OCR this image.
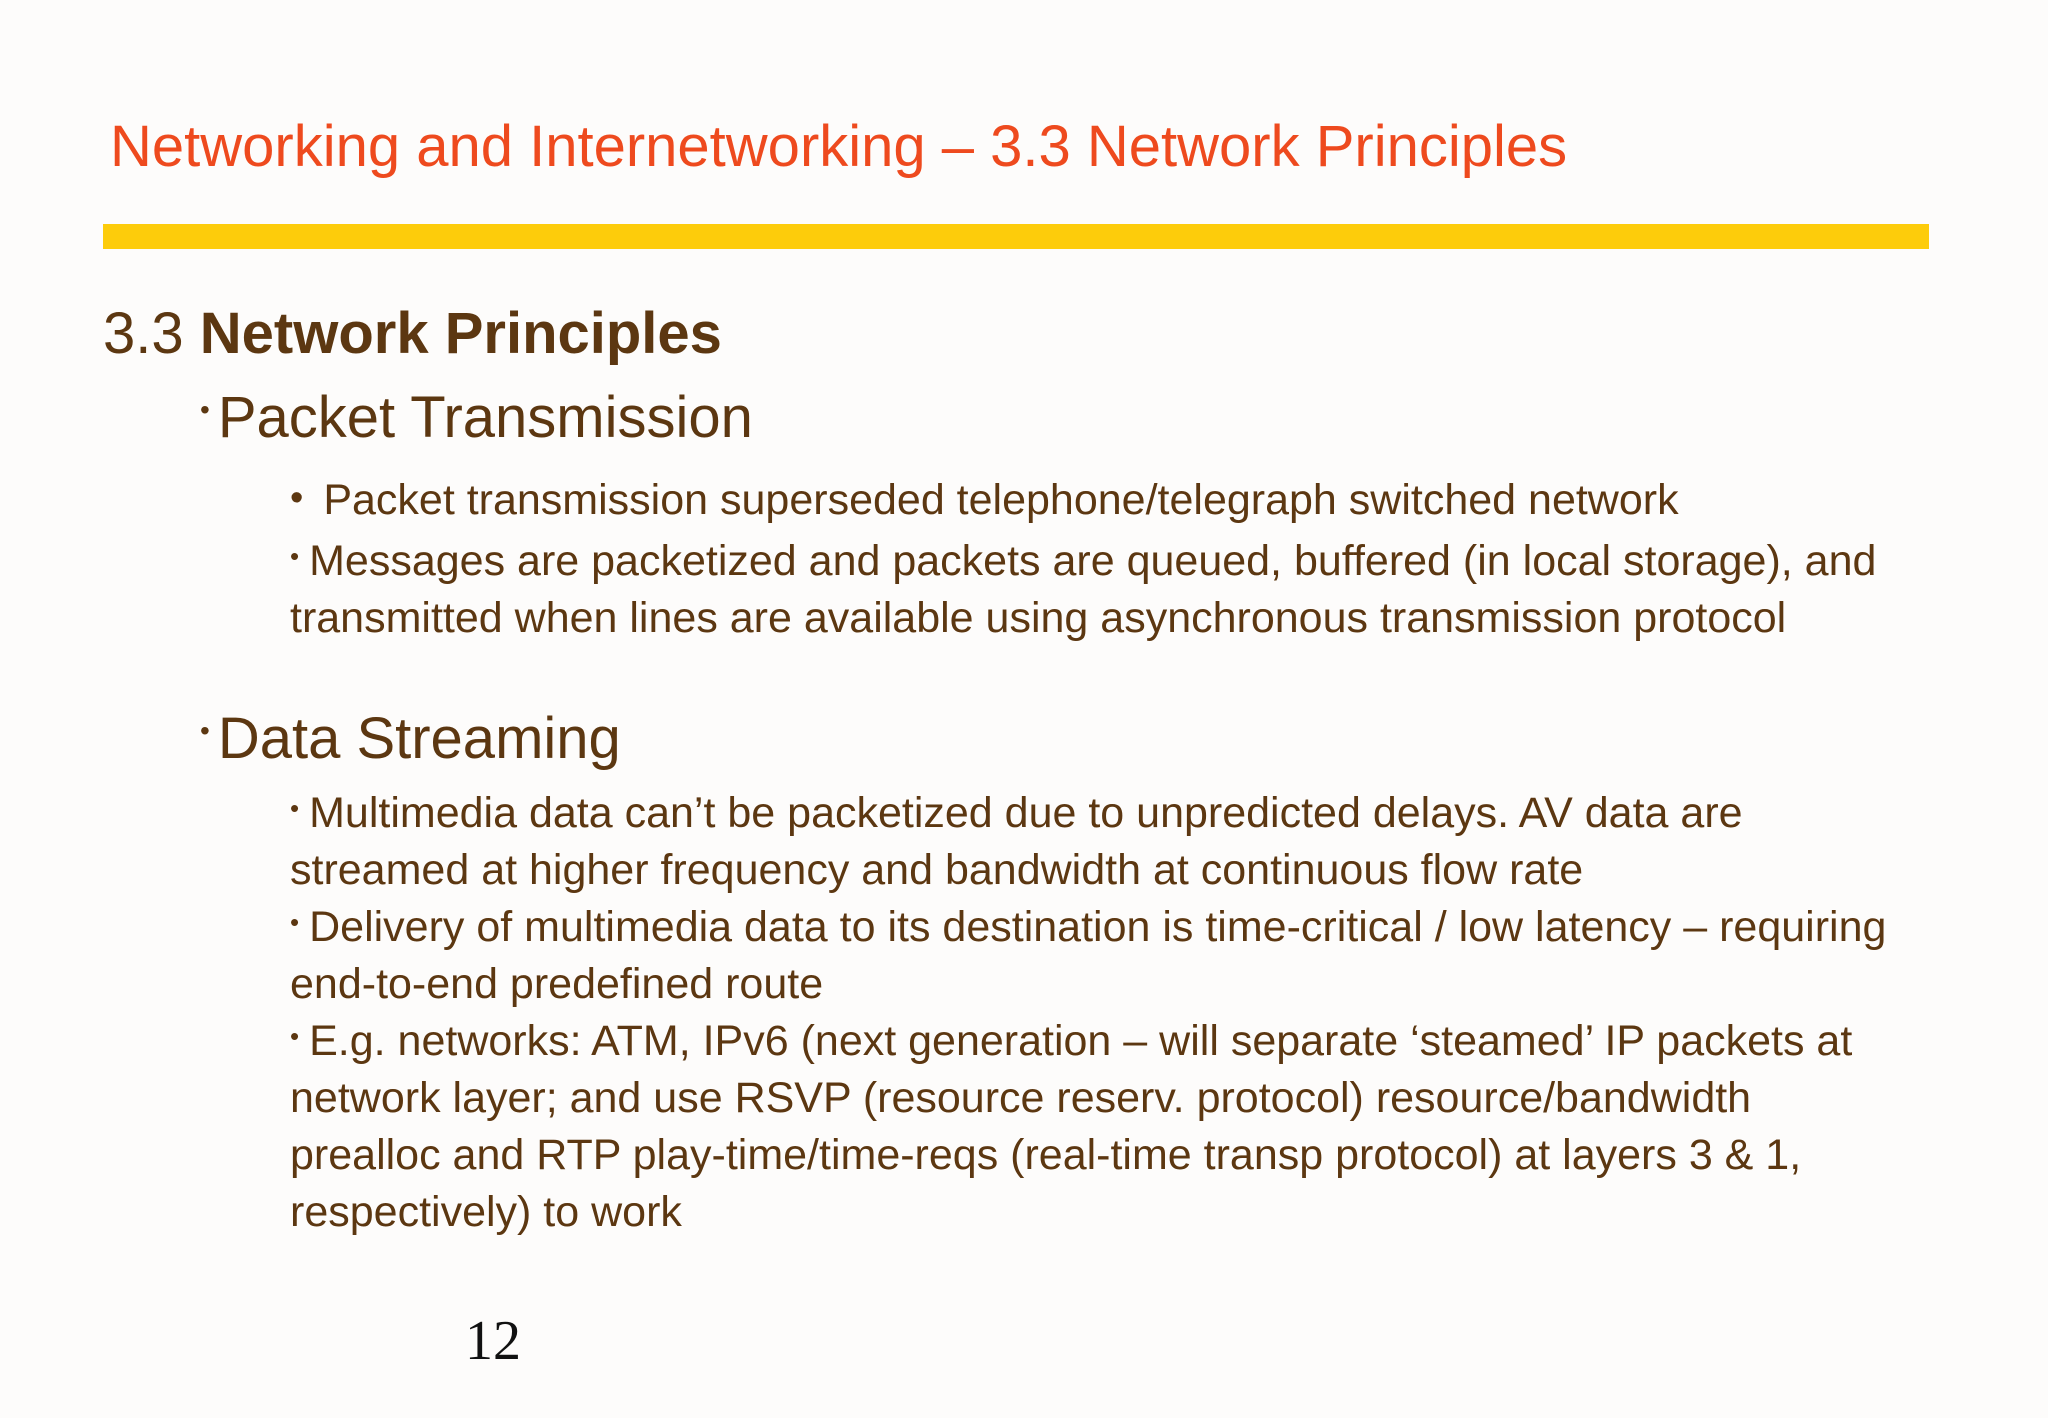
Networking and Internetworking – 3.3 Network Principles
3.3 Network Principles
• Packet Transmission
• Packet transmission superseded telephone/telegraph switched network
• Messages are packetized and packets are queued, buffered (in local storage), and transmitted when lines are available using asynchronous transmission protocol
• Data Streaming
• Multimedia data can’t be packetized due to unpredicted delays. AV data are streamed at higher frequency and bandwidth at continuous flow rate
• Delivery of multimedia data to its destination is time-critical / low latency – requiring end-to-end predefined route
• E.g. networks: ATM, IPv6 (next generation – will separate ‘steamed’ IP packets at network layer; and use RSVP (resource reserv. protocol) resource/bandwidth prealloc and RTP play-time/time-reqs (real-time transp protocol) at layers 3 & 1, respectively) to work
12
